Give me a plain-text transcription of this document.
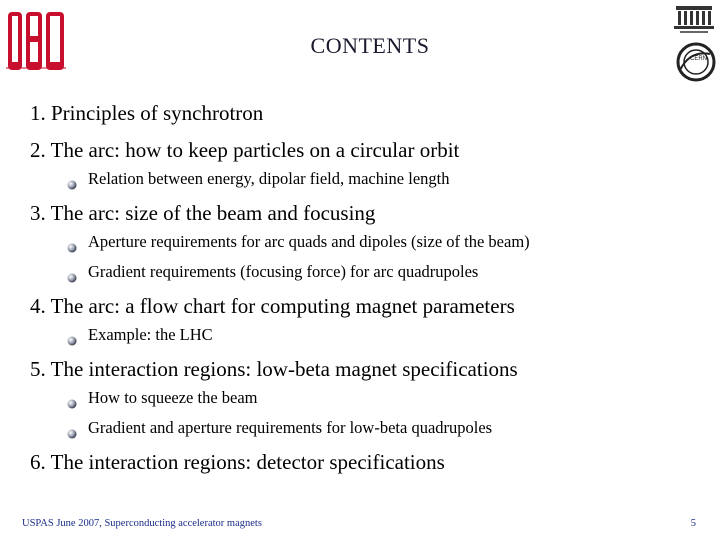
CONTENTS
CERN
1. Principles of synchrotron
2. The arc: how to keep particles on a circular orbit
Relation between energy, dipolar field, machine length
3. The arc: size of the beam and focusing
Aperture requirements for arc quads and dipoles (size of the beam)
Gradient requirements (focusing force) for arc quadrupoles
4. The arc: a flow chart for computing magnet parameters
Example: the LHC
5. The interaction regions: low-beta magnet specifications
How to squeeze the beam
Gradient and aperture requirements for low-beta quadrupoles
6. The interaction regions: detector specifications
USPAS June 2007, Superconducting accelerator magnets	5
